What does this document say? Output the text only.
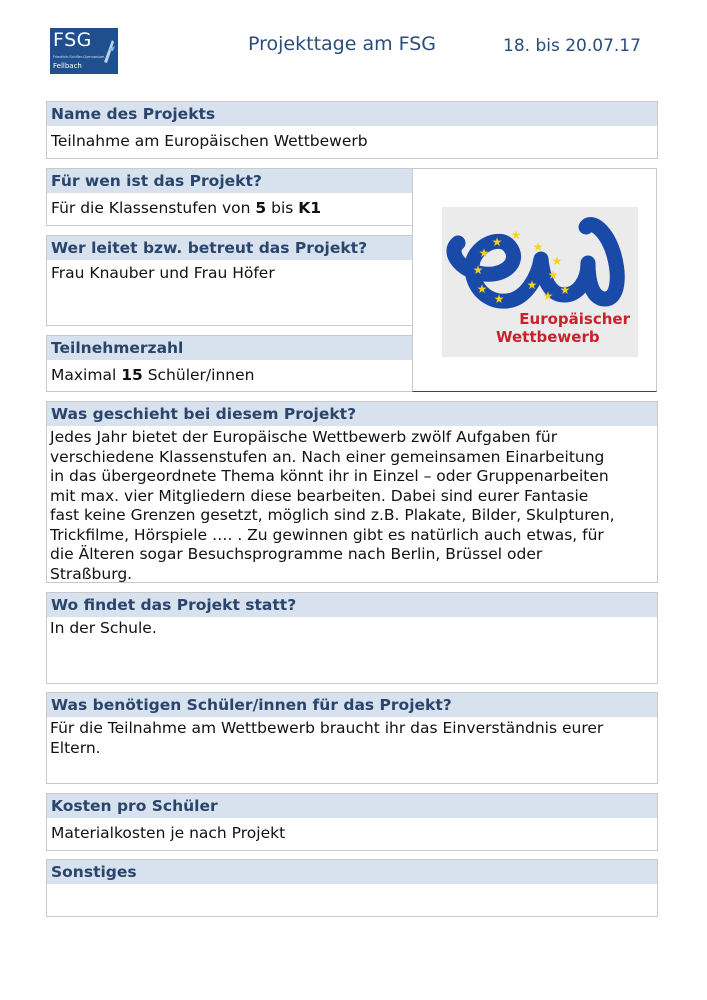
FSG
Friedrich-Schiller-Gymnasium
Fellbach
Projekttage am FSG	18. bis 20.07.17
Name des Projekts
Teilnahme am Europäischen Wettbewerb
Für wen ist das Projekt?
Für die Klassenstufen von 5 bis K1
Wer leitet bzw. betreut das Projekt?
Frau Knauber und Frau Höfer
Teilnehmerzahl
Maximal 15 Schüler/innen
★ ★
★
★
★
★
★
★ ★
★
★
★
Europäischer
Wettbewerb
Was geschieht bei diesem Projekt?
Jedes Jahr bietet der Europäische Wettbewerb zwölf Aufgaben für
verschiedene Klassenstufen an. Nach einer gemeinsamen Einarbeitung
in das übergeordnete Thema könnt ihr in Einzel – oder Gruppenarbeiten
mit max. vier Mitgliedern diese bearbeiten. Dabei sind eurer Fantasie
fast keine Grenzen gesetzt, möglich sind z.B. Plakate, Bilder, Skulpturen,
Trickfilme, Hörspiele …. . Zu gewinnen gibt es natürlich auch etwas, für
die Älteren sogar Besuchsprogramme nach Berlin, Brüssel oder
Straßburg.
Wo findet das Projekt statt?
In der Schule.
Was benötigen Schüler/innen für das Projekt?
Für die Teilnahme am Wettbewerb braucht ihr das Einverständnis eurer
Eltern.
Kosten pro Schüler
Materialkosten je nach Projekt
Sonstiges
